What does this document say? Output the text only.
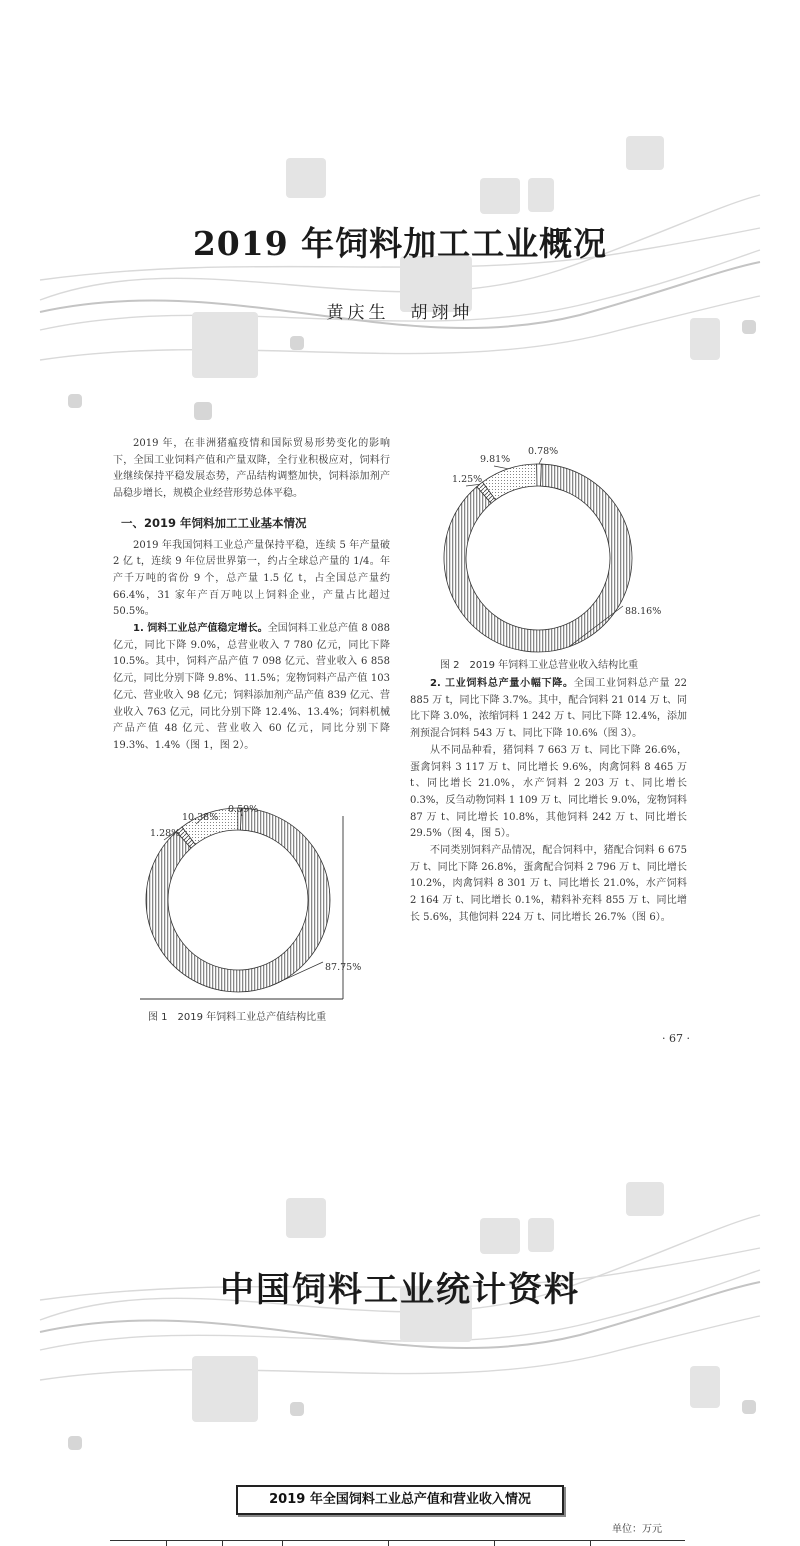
2019 年饲料加工工业概况

黄庆生　胡翊坤

2019 年，在非洲猪瘟疫情和国际贸易形势变化的影响下，全国工业饲料产值和产量双降，全行业积极应对，饲料行业继续保持平稳发展态势，产品结构调整加快，饲料添加剂产品稳步增长，规模企业经营形势总体平稳。

一、2019 年饲料加工工业基本情况

2019 年我国饲料工业总产量保持平稳，连续 5 年产量破 2 亿 t，连续 9 年位居世界第一，约占全球总产量的 1/4。年产千万吨的省份 9 个，总产量 1.5 亿 t，占全国总产量约 66.4%，31 家年产百万吨以上饲料企业，产量占比超过 50.5%。

1. 饲料工业总产值稳定增长。全国饲料工业总产值 8 088 亿元，同比下降 9.0%，总营业收入 7 780 亿元，同比下降 10.5%。其中，饲料产品产值 7 098 亿元、营业收入 6 858 亿元，同比分别下降 9.8%、11.5%；宠物饲料产品产值 103 亿元、营业收入 98 亿元；饲料添加剂产品产值 839 亿元、营业收入 763 亿元，同比分别下降 12.4%、13.4%；饲料机械产品产值 48 亿元、营业收入 60 亿元，同比分别下降 19.3%、1.4%（图 1，图 2）。

87.75%
1.28%
10.38%
0.59%
图 1　2019 年饲料工业总产值结构比重
88.16%
1.25%
9.81%
0.78%
图 2　2019 年饲料工业总营业收入结构比重

2. 工业饲料总产量小幅下降。全国工业饲料总产量 22 885 万 t，同比下降 3.7%。其中，配合饲料 21 014 万 t、同比下降 3.0%，浓缩饲料 1 242 万 t、同比下降 12.4%，添加剂预混合饲料 543 万 t、同比下降 10.6%（图 3）。

从不同品种看，猪饲料 7 663 万 t、同比下降 26.6%，蛋禽饲料 3 117 万 t、同比增长 9.6%，肉禽饲料 8 465 万 t、同比增长 21.0%，水产饲料 2 203 万 t、同比增长 0.3%，反刍动物饲料 1 109 万 t、同比增长 9.0%，宠物饲料 87 万 t、同比增长 10.8%，其他饲料 242 万 t、同比增长 29.5%（图 4，图 5）。

不同类别饲料产品情况，配合饲料中，猪配合饲料 6 675 万 t、同比下降 26.8%，蛋禽配合饲料 2 796 万 t、同比增长 10.2%，肉禽饲料 8 301 万 t、同比增长 21.0%，水产饲料 2 164 万 t、同比增长 0.1%，精料补充料 855 万 t、同比增长 5.6%，其他饲料 224 万 t、同比增长 26.7%（图 6）。

· 67 ·
中国饲料工业统计资料
2019 年全国饲料工业总产值和营业收入情况
单位：万元
